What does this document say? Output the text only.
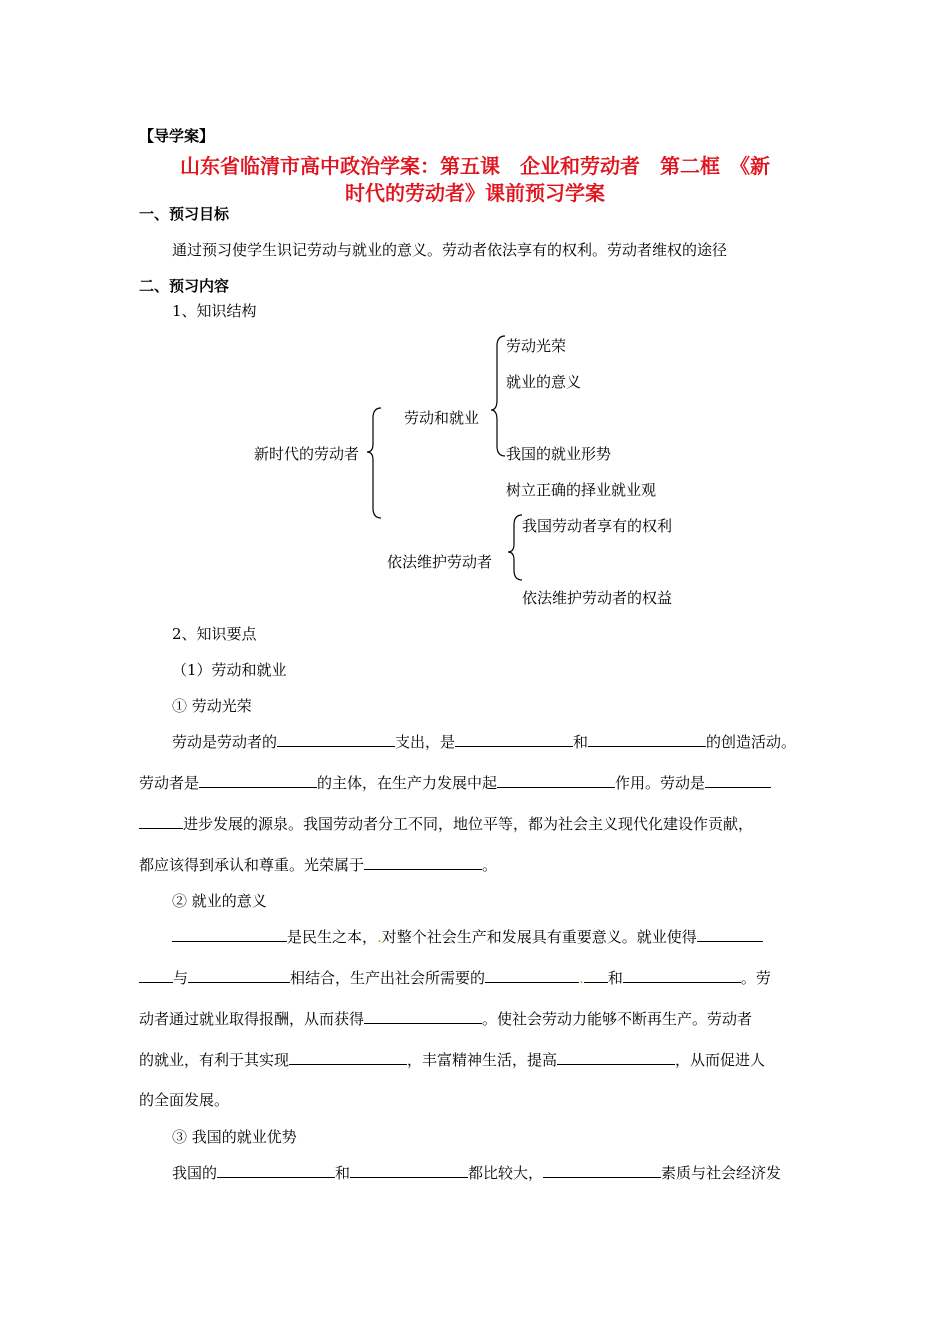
【导学案】
山东省临清市高中政治学案：第五课　企业和劳动者　第二框　《新
时代的劳动者》课前预习学案
一、预习目标
通过预习使学生识记劳动与就业的意义。劳动者依法享有的权利。劳动者维权的途径
二、预习内容
1、知识结构
新时代的劳动者
劳动和就业
劳动光荣
就业的意义
我国的就业形势
树立正确的择业就业观
依法维护劳动者
我国劳动者享有的权利
依法维护劳动者的权益
2、知识要点
（1）劳动和就业
① 劳动光荣
劳动是劳动者的	支出，是	和	的创造活动。
劳动者是	的主体，在生产力发展中起	作用。劳动是
进步发展的源泉。我国劳动者分工不同，地位平等，都为社会主义现代化建设作贡献，
都应该得到承认和尊重。光荣属于	。
② 就业的意义
是民生之本，.对整个社会生产和发展具有重要意义。就业使得
与	相结合，生产出社会所需要的	. 和	。劳
动者通过就业取得报酬，从而获得	。使社会劳动力能够不断再生产。劳动者
的就业，有利于其实现	，丰富精神生活，提高	，从而促进人
的全面发展。
③ 我国的就业优势
我国的	和	都比较大，	素质与社会经济发
